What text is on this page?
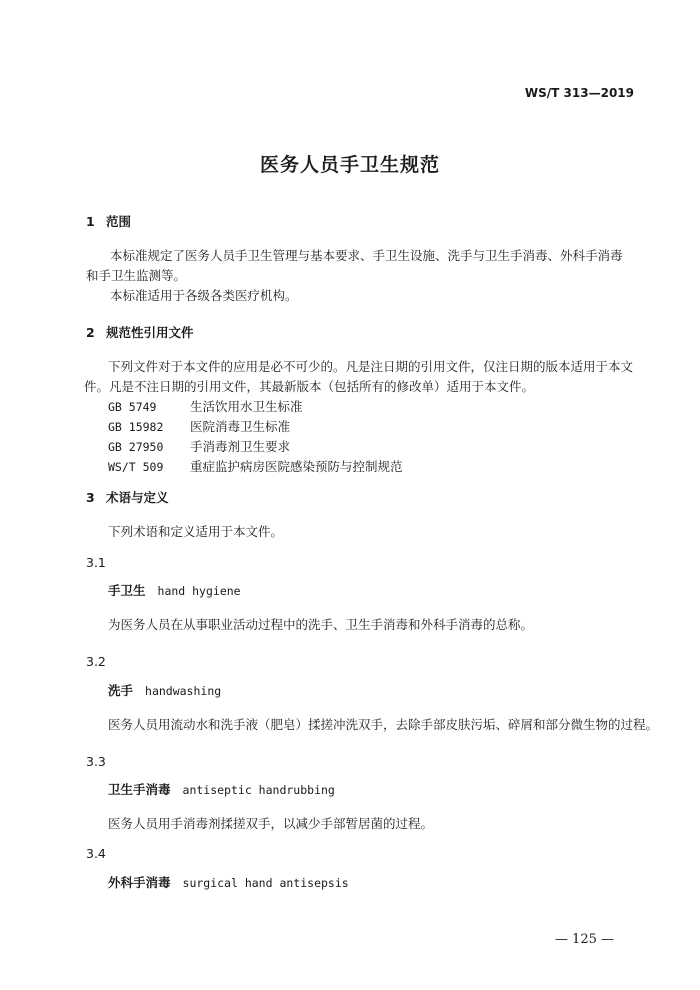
WS/T 313—2019
医务人员手卫生规范
1 范围
本标准规定了医务人员手卫生管理与基本要求、手卫生设施、洗手与卫生手消毒、外科手消毒和手卫生监测等。
本标准适用于各级各类医疗机构。
2 规范性引用文件
下列文件对于本文件的应用是必不可少的。凡是注日期的引用文件，仅注日期的版本适用于本文件。凡是不注日期的引用文件，其最新版本（包括所有的修改单）适用于本文件。
GB 5749	生活饮用水卫生标准
GB 15982 医院消毒卫生标准
GB 27950 手消毒剂卫生要求
WS/T 509 重症监护病房医院感染预防与控制规范
3 术语与定义
下列术语和定义适用于本文件。
3.1
手卫生 hand hygiene
为医务人员在从事职业活动过程中的洗手、卫生手消毒和外科手消毒的总称。
3.2
洗手 handwashing
医务人员用流动水和洗手液（肥皂）揉搓冲洗双手，去除手部皮肤污垢、碎屑和部分微生物的过程。
3.3
卫生手消毒 antiseptic handrubbing
医务人员用手消毒剂揉搓双手，以减少手部暂居菌的过程。
3.4
外科手消毒 surgical hand antisepsis
— 125 —
